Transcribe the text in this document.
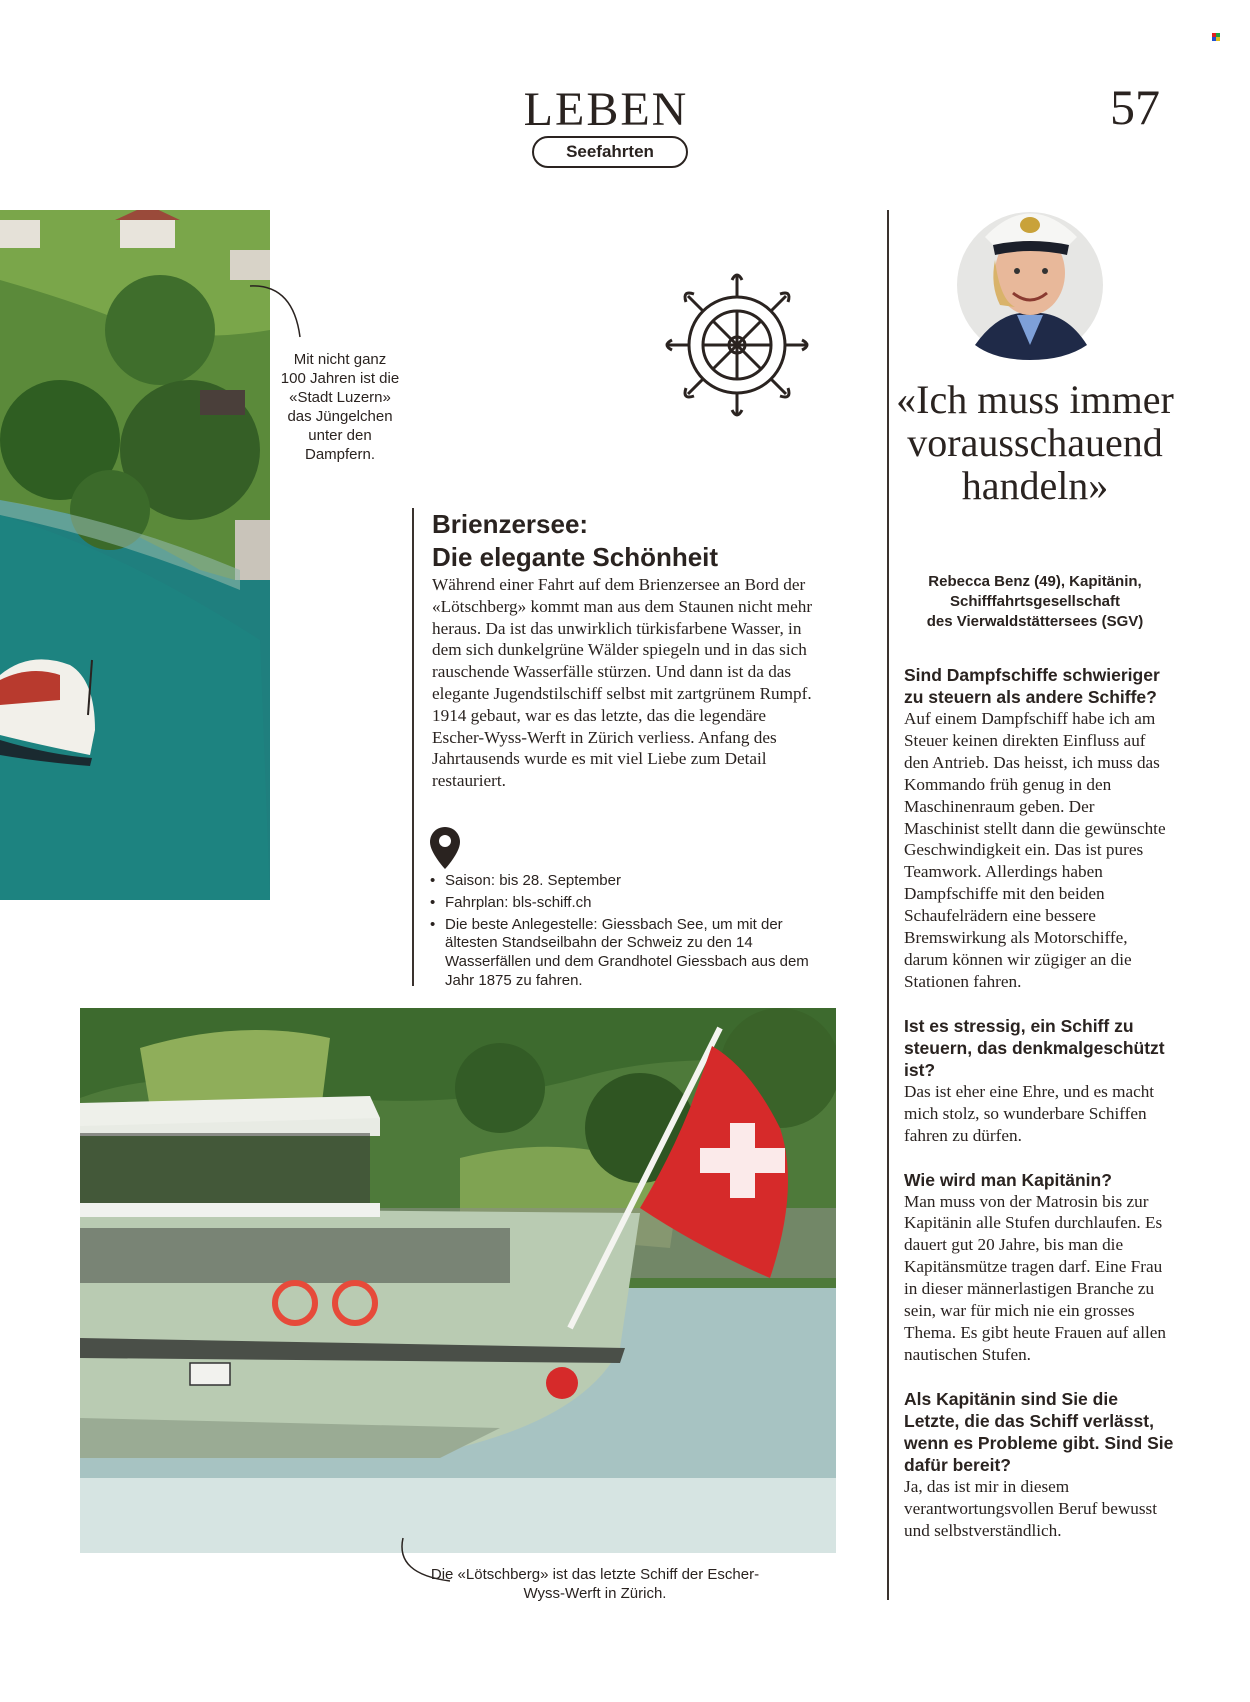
LEBEN
Seefahrten
57
Mit nicht ganz 100 Jahren ist die «Stadt Luzern» das Jüngelchen unter den Dampfern.
Brienzersee:
Die elegante Schönheit
Während einer Fahrt auf dem Brienzersee an Bord der «Lötschberg» kommt man aus dem Staunen nicht mehr heraus. Da ist das unwirklich türkisfarbene Wasser, in dem sich dunkelgrüne Wälder spiegeln und in das sich rauschende Wasserfälle stürzen. Und dann ist da das elegante Jugendstilschiff selbst mit zartgrünem Rumpf. 1914 gebaut, war es das letzte, das die legendäre Escher-Wyss-Werft in Zürich verliess. Anfang des Jahrtausends wurde es mit viel Liebe zum Detail restauriert.
• Saison: bis 28. September
• Fahrplan: bls-schiff.ch
• Die beste Anlegestelle: Giessbach See, um mit der ältesten Standseilbahn der Schweiz zu den 14 Wasserfällen und dem Grandhotel Giessbach aus dem Jahr 1875 zu fahren.
Die «Lötschberg» ist das letzte Schiff der Escher-Wyss-Werft in Zürich.
«Ich muss immer vorausschauend handeln»
Rebecca Benz (49), Kapitänin,
Schifffahrtsgesellschaft
des Vierwaldstättersees (SGV)

Sind Dampfschiffe schwieriger zu steuern als andere Schiffe?

Auf einem Dampfschiff habe ich am Steuer keinen direkten Einfluss auf den Antrieb. Das heisst, ich muss das Kommando früh genug in den Maschinenraum geben. Der Maschinist stellt dann die gewünschte Geschwindigkeit ein. Das ist pures Teamwork. Allerdings haben Dampfschiffe mit den beiden Schaufelrädern eine bessere Bremswirkung als Motorschiffe, darum können wir zügiger an die Stationen fahren.

Ist es stressig, ein Schiff zu steuern, das denkmalgeschützt ist?

Das ist eher eine Ehre, und es macht mich stolz, so wunderbare Schiffen fahren zu dürfen.

Wie wird man Kapitänin?

Man muss von der Matrosin bis zur Kapitänin alle Stufen durchlaufen. Es dauert gut 20 Jahre, bis man die Kapitänsmütze tragen darf. Eine Frau in dieser männerlastigen Branche zu sein, war für mich nie ein grosses Thema. Es gibt heute Frauen auf allen nautischen Stufen.

Als Kapitänin sind Sie die Letzte, die das Schiff verlässt, wenn es Probleme gibt. Sind Sie dafür bereit?

Ja, das ist mir in diesem verantwortungsvollen Beruf bewusst und selbstverständlich.
